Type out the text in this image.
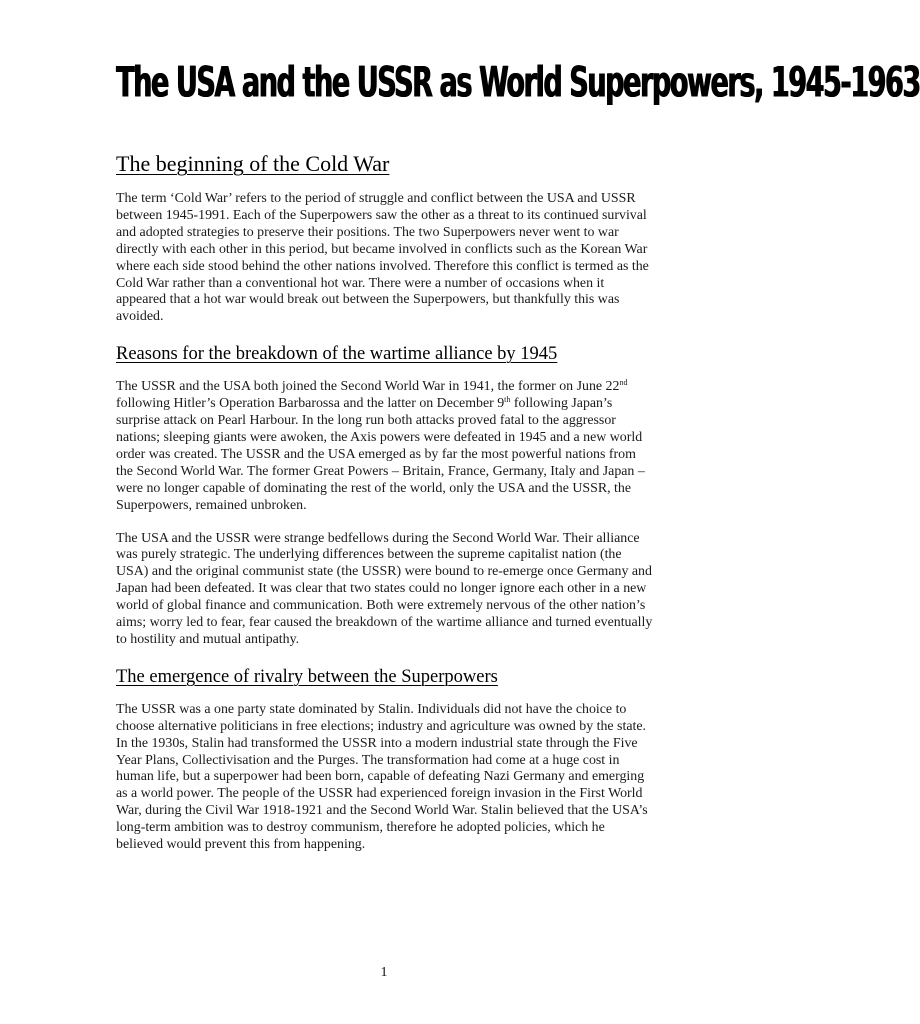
The USA and the USSR as World Superpowers, 1945-1963
The beginning of the Cold War

The term ‘Cold War’ refers to the period of struggle and conflict between the USA and USSR between 1945-1991. Each of the Superpowers saw the other as a threat to its continued survival and adopted strategies to preserve their positions. The two Superpowers never went to war directly with each other in this period, but became involved in conflicts such as the Korean War where each side stood behind the other nations involved. Therefore this conflict is termed as the Cold War rather than a conventional hot war. There were a number of occasions when it appeared that a hot war would break out between the Superpowers, but thankfully this was avoided.

Reasons for the breakdown of the wartime alliance by 1945

The USSR and the USA both joined the Second World War in 1941, the former on June 22nd following Hitler’s Operation Barbarossa and the latter on December 9th following Japan’s surprise attack on Pearl Harbour. In the long run both attacks proved fatal to the aggressor nations; sleeping giants were awoken, the Axis powers were defeated in 1945 and a new world order was created. The USSR and the USA emerged as by far the most powerful nations from the Second World War. The former Great Powers – Britain, France, Germany, Italy and Japan – were no longer capable of dominating the rest of the world, only the USA and the USSR, the Superpowers, remained unbroken.

The USA and the USSR were strange bedfellows during the Second World War. Their alliance was purely strategic. The underlying differences between the supreme capitalist nation (the USA) and the original communist state (the USSR) were bound to re-emerge once Germany and Japan had been defeated. It was clear that two states could no longer ignore each other in a new world of global finance and communication. Both were extremely nervous of the other nation’s aims; worry led to fear, fear caused the breakdown of the wartime alliance and turned eventually to hostility and mutual antipathy.

The emergence of rivalry between the Superpowers

The USSR was a one party state dominated by Stalin. Individuals did not have the choice to choose alternative politicians in free elections; industry and agriculture was owned by the state. In the 1930s, Stalin had transformed the USSR into a modern industrial state through the Five Year Plans, Collectivisation and the Purges. The transformation had come at a huge cost in human life, but a superpower had been born, capable of defeating Nazi Germany and emerging as a world power. The people of the USSR had experienced foreign invasion in the First World War, during the Civil War 1918-1921 and the Second World War. Stalin believed that the USA’s long-term ambition was to destroy communism, therefore he adopted policies, which he believed would prevent this from happening.

1
